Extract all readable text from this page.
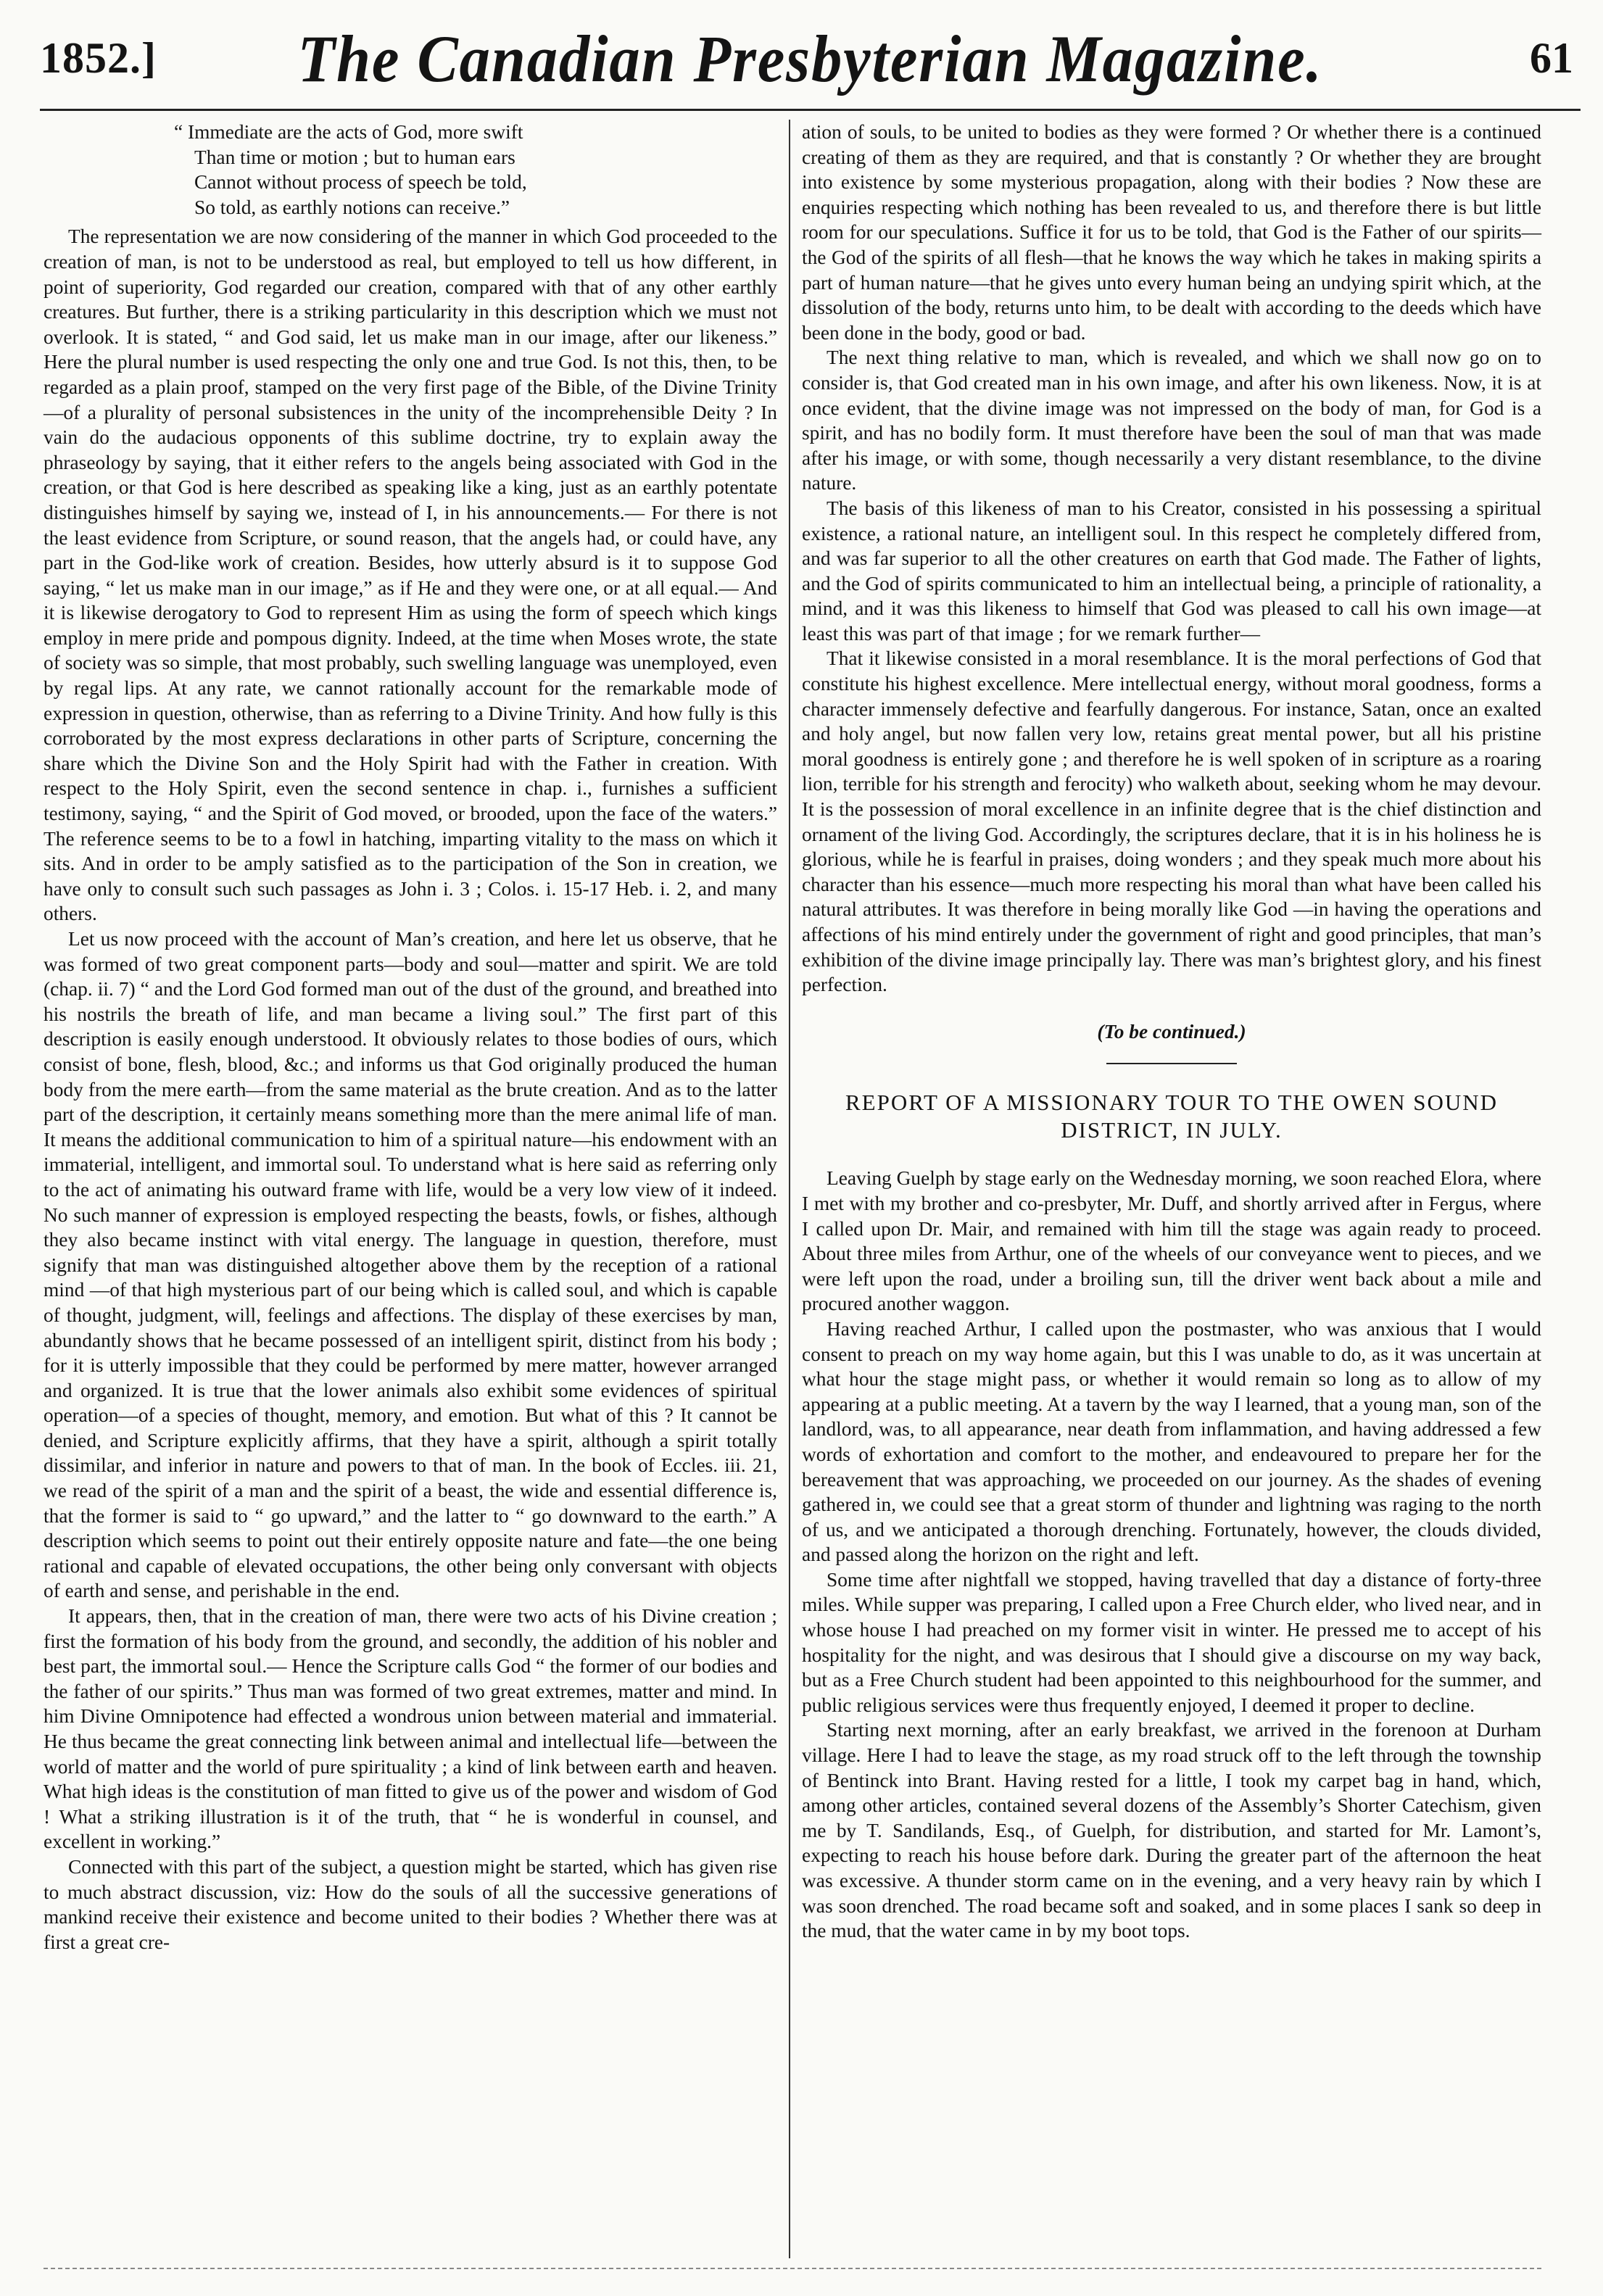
1852.]	The Canadian Presbyterian Magazine.	61
“ Immediate are the acts of God, more swift
Than time or motion ; but to human ears
Cannot without process of speech be told,
So told, as earthly notions can receive.”

The representation we are now considering of the manner in which God proceeded to the creation of man, is not to be understood as real, but employed to tell us how different, in point of superiority, God regarded our creation, compared with that of any other earthly creatures. But further, there is a striking particularity in this description which we must not overlook. It is stated, “ and God said, let us make man in our image, after our likeness.” Here the plural number is used respecting the only one and true God. Is not this, then, to be regarded as a plain proof, stamped on the very first page of the Bible, of the Divine Trinity —of a plurality of personal subsistences in the unity of the incomprehensible Deity ? In vain do the audacious opponents of this sublime doctrine, try to explain away the phraseology by saying, that it either refers to the angels being associated with God in the creation, or that God is here described as speaking like a king, just as an earthly potentate distinguishes himself by saying we, instead of I, in his announcements.— For there is not the least evidence from Scripture, or sound reason, that the angels had, or could have, any part in the God-like work of creation. Besides, how utterly absurd is it to suppose God saying, “ let us make man in our image,” as if He and they were one, or at all equal.— And it is likewise derogatory to God to represent Him as using the form of speech which kings employ in mere pride and pompous dignity. Indeed, at the time when Moses wrote, the state of society was so simple, that most probably, such swelling language was unemployed, even by regal lips. At any rate, we cannot rationally account for the remarkable mode of expression in question, otherwise, than as referring to a Divine Trinity. And how fully is this corroborated by the most express declarations in other parts of Scripture, concerning the share which the Divine Son and the Holy Spirit had with the Father in creation. With respect to the Holy Spirit, even the second sentence in chap. i., furnishes a sufficient testimony, saying, “ and the Spirit of God moved, or brooded, upon the face of the waters.” The reference seems to be to a fowl in hatching, imparting vitality to the mass on which it sits. And in order to be amply satisfied as to the participation of the Son in creation, we have only to consult such such passages as John i. 3 ; Colos. i. 15-17 Heb. i. 2, and many others.

Let us now proceed with the account of Man’s creation, and here let us observe, that he was formed of two great component parts—body and soul—matter and spirit. We are told (chap. ii. 7) “ and the Lord God formed man out of the dust of the ground, and breathed into his nostrils the breath of life, and man became a living soul.” The first part of this description is easily enough understood. It obviously relates to those bodies of ours, which consist of bone, flesh, blood, &c.; and informs us that God originally produced the human body from the mere earth—from the same material as the brute creation. And as to the latter part of the description, it certainly means something more than the mere animal life of man. It means the additional communication to him of a spiritual nature—his endowment with an immaterial, intelligent, and immortal soul. To understand what is here said as referring only to the act of animating his outward frame with life, would be a very low view of it indeed. No such manner of expression is employed respecting the beasts, fowls, or fishes, although they also became instinct with vital energy. The language in question, therefore, must signify that man was distinguished altogether above them by the reception of a rational mind —of that high mysterious part of our being which is called soul, and which is capable of thought, judgment, will, feelings and affections. The display of these exercises by man, abundantly shows that he became possessed of an intelligent spirit, distinct from his body ; for it is utterly impossible that they could be performed by mere matter, however arranged and organized. It is true that the lower animals also exhibit some evidences of spiritual operation—of a species of thought, memory, and emotion. But what of this ? It cannot be denied, and Scripture explicitly affirms, that they have a spirit, although a spirit totally dissimilar, and inferior in nature and powers to that of man. In the book of Eccles. iii. 21, we read of the spirit of a man and the spirit of a beast, the wide and essential difference is, that the former is said to “ go upward,” and the latter to “ go downward to the earth.” A description which seems to point out their entirely opposite nature and fate—the one being rational and capable of elevated occupations, the other being only conversant with objects of earth and sense, and perishable in the end.

It appears, then, that in the creation of man, there were two acts of his Divine creation ; first the formation of his body from the ground, and secondly, the addition of his nobler and best part, the immortal soul.— Hence the Scripture calls God “ the former of our bodies and the father of our spirits.” Thus man was formed of two great extremes, matter and mind. In him Divine Omnipotence had effected a wondrous union between material and immaterial. He thus became the great connecting link between animal and intellectual life—between the world of matter and the world of pure spirituality ; a kind of link between earth and heaven. What high ideas is the constitution of man fitted to give us of the power and wisdom of God ! What a striking illustration is it of the truth, that “ he is wonderful in counsel, and excellent in working.”

Connected with this part of the subject, a question might be started, which has given rise to much abstract discussion, viz: How do the souls of all the successive generations of mankind receive their existence and become united to their bodies ? Whether there was at first a great cre-

ation of souls, to be united to bodies as they were formed ? Or whether there is a continued creating of them as they are required, and that is constantly ? Or whether they are brought into existence by some mysterious propagation, along with their bodies ? Now these are enquiries respecting which nothing has been revealed to us, and therefore there is but little room for our speculations. Suffice it for us to be told, that God is the Father of our spirits—the God of the spirits of all flesh—that he knows the way which he takes in making spirits a part of human nature—that he gives unto every human being an undying spirit which, at the dissolution of the body, returns unto him, to be dealt with according to the deeds which have been done in the body, good or bad.

The next thing relative to man, which is revealed, and which we shall now go on to consider is, that God created man in his own image, and after his own likeness. Now, it is at once evident, that the divine image was not impressed on the body of man, for God is a spirit, and has no bodily form. It must therefore have been the soul of man that was made after his image, or with some, though necessarily a very distant resemblance, to the divine nature.

The basis of this likeness of man to his Creator, consisted in his possessing a spiritual existence, a rational nature, an intelligent soul. In this respect he completely differed from, and was far superior to all the other creatures on earth that God made. The Father of lights, and the God of spirits communicated to him an intellectual being, a principle of rationality, a mind, and it was this likeness to himself that God was pleased to call his own image—at least this was part of that image ; for we remark further—

That it likewise consisted in a moral resemblance. It is the moral perfections of God that constitute his highest excellence. Mere intellectual energy, without moral goodness, forms a character immensely defective and fearfully dangerous. For instance, Satan, once an exalted and holy angel, but now fallen very low, retains great mental power, but all his pristine moral goodness is entirely gone ; and therefore he is well spoken of in scripture as a roaring lion, terrible for his strength and ferocity) who walketh about, seeking whom he may devour. It is the possession of moral excellence in an infinite degree that is the chief distinction and ornament of the living God. Accordingly, the scriptures declare, that it is in his holiness he is glorious, while he is fearful in praises, doing wonders ; and they speak much more about his character than his essence—much more respecting his moral than what have been called his natural attributes. It was therefore in being morally like God —in having the operations and affections of his mind entirely under the government of right and good principles, that man’s exhibition of the divine image principally lay. There was man’s brightest glory, and his finest perfection.

(To be continued.)
REPORT OF A MISSIONARY TOUR TO THE OWEN SOUND DISTRICT, IN JULY.

Leaving Guelph by stage early on the Wednesday morning, we soon reached Elora, where I met with my brother and co-presbyter, Mr. Duff, and shortly arrived after in Fergus, where I called upon Dr. Mair, and remained with him till the stage was again ready to proceed. About three miles from Arthur, one of the wheels of our conveyance went to pieces, and we were left upon the road, under a broiling sun, till the driver went back about a mile and procured another waggon.

Having reached Arthur, I called upon the postmaster, who was anxious that I would consent to preach on my way home again, but this I was unable to do, as it was uncertain at what hour the stage might pass, or whether it would remain so long as to allow of my appearing at a public meeting. At a tavern by the way I learned, that a young man, son of the landlord, was, to all appearance, near death from inflammation, and having addressed a few words of exhortation and comfort to the mother, and endeavoured to prepare her for the bereavement that was approaching, we proceeded on our journey. As the shades of evening gathered in, we could see that a great storm of thunder and lightning was raging to the north of us, and we anticipated a thorough drenching. Fortunately, however, the clouds divided, and passed along the horizon on the right and left.

Some time after nightfall we stopped, having travelled that day a distance of forty-three miles. While supper was preparing, I called upon a Free Church elder, who lived near, and in whose house I had preached on my former visit in winter. He pressed me to accept of his hospitality for the night, and was desirous that I should give a discourse on my way back, but as a Free Church student had been appointed to this neighbourhood for the summer, and public religious services were thus frequently enjoyed, I deemed it proper to decline.

Starting next morning, after an early breakfast, we arrived in the forenoon at Durham village. Here I had to leave the stage, as my road struck off to the left through the township of Bentinck into Brant. Having rested for a little, I took my carpet bag in hand, which, among other articles, contained several dozens of the Assembly’s Shorter Catechism, given me by T. Sandilands, Esq., of Guelph, for distribution, and started for Mr. Lamont’s, expecting to reach his house before dark. During the greater part of the afternoon the heat was excessive. A thunder storm came on in the evening, and a very heavy rain by which I was soon drenched. The road became soft and soaked, and in some places I sank so deep in the mud, that the water came in by my boot tops.
